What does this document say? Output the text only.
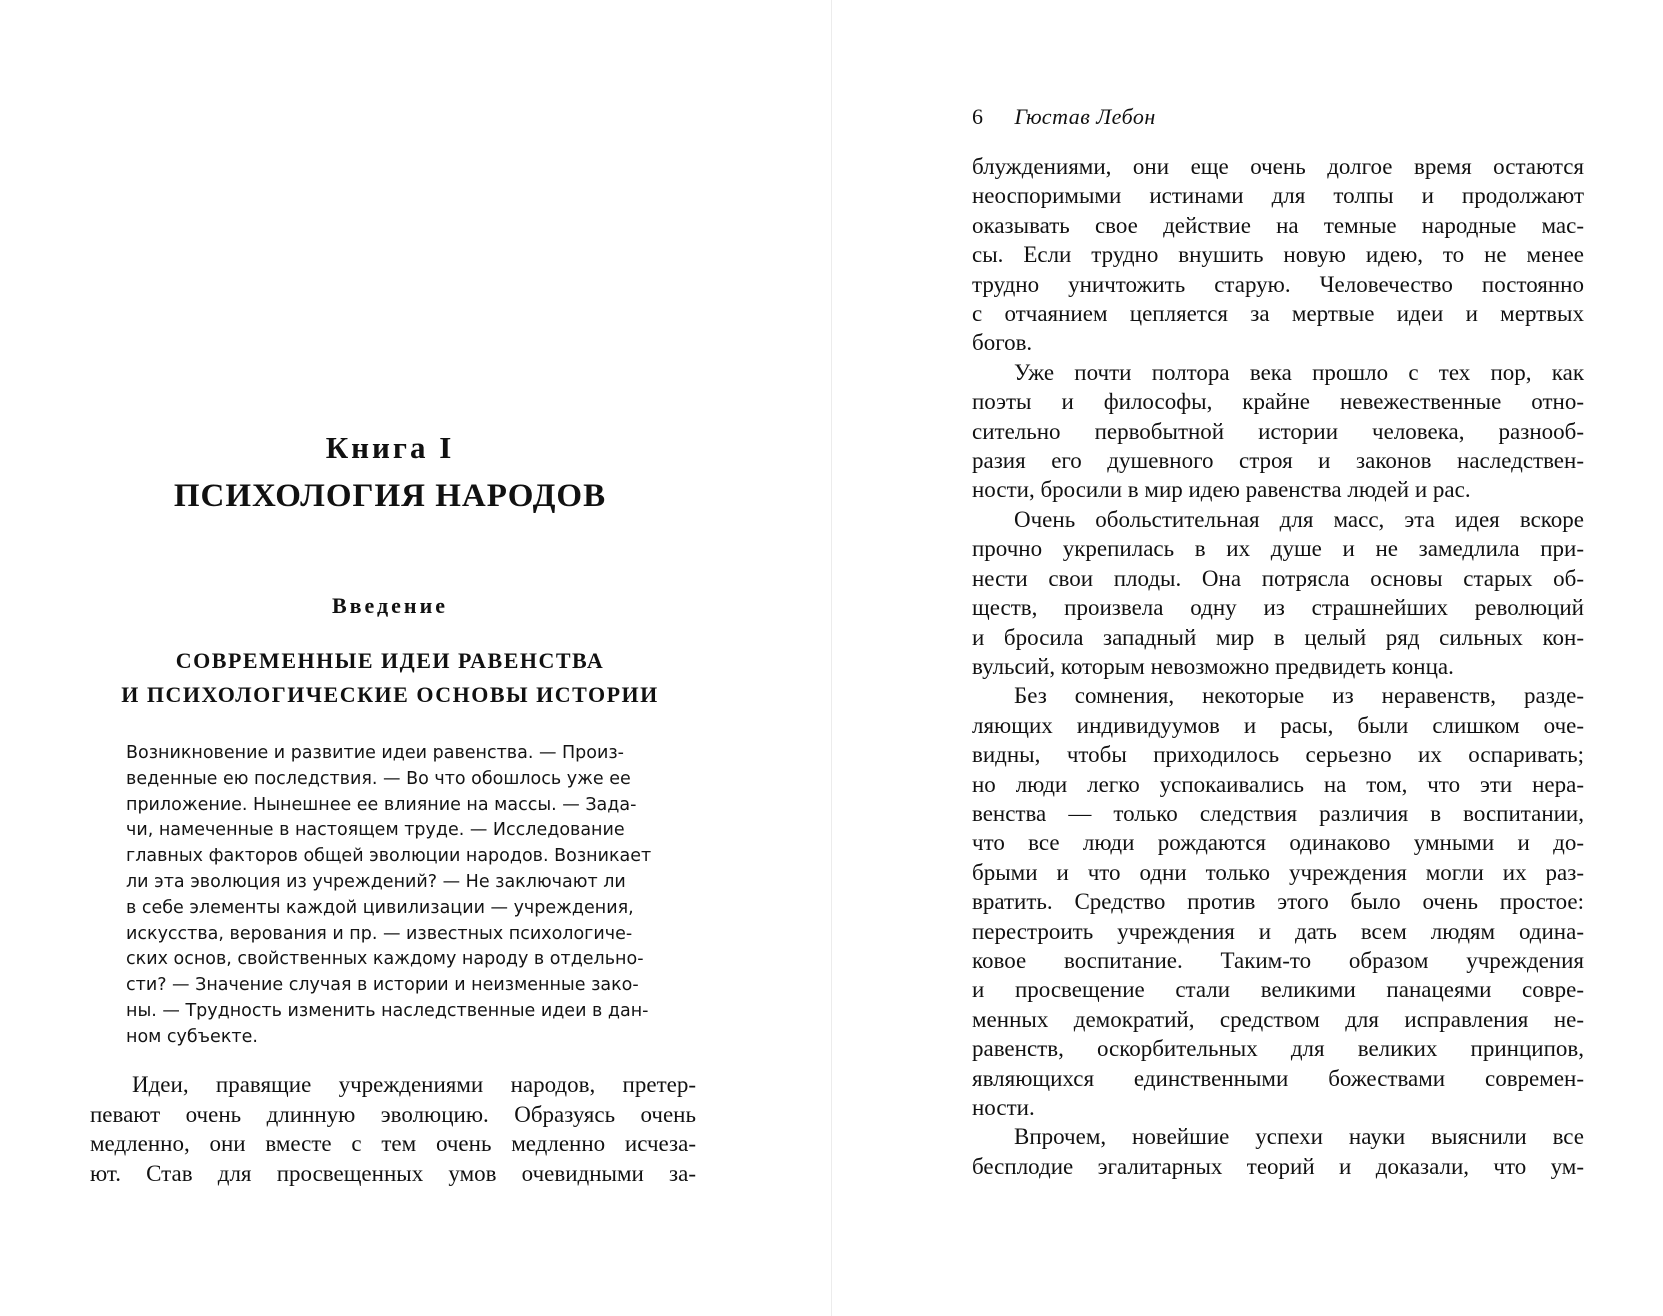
Книга I
ПСИХОЛОГИЯ НАРОДОВ
Введение
СОВРЕМЕННЫЕ ИДЕИ РАВЕНСТВА
И ПСИХОЛОГИЧЕСКИЕ ОСНОВЫ ИСТОРИИ
Возникновение и развитие идеи равенства. — Произ-
веденные ею последствия. — Во что обошлось уже ее
приложение. Нынешнее ее влияние на массы. — Зада-
чи, намеченные в настоящем труде. — Исследование
главных факторов общей эволюции народов. Возникает
ли эта эволюция из учреждений? — Не заключают ли
в себе элементы каждой цивилизации — учреждения,
искусства, верования и пр. — известных психологиче-
ских основ, свойственных каждому народу в отдельно-
сти? — Значение случая в истории и неизменные зако-
ны. — Трудность изменить наследственные идеи в дан-
ном субъекте.
Идеи, правящие учреждениями народов, претер-
певают очень длинную эволюцию. Образуясь очень
медленно, они вместе с тем очень медленно исчеза-
ют. Став для просвещенных умов очевидными за-
6 Гюстав Лебон
блуждениями, они еще очень долгое время остаются
неоспоримыми истинами для толпы и продолжают
оказывать свое действие на темные народные мас-
сы. Если трудно внушить новую идею, то не менее
трудно уничтожить старую. Человечество постоянно
с отчаянием цепляется за мертвые идеи и мертвых
богов.
Уже почти полтора века прошло с тех пор, как
поэты и философы, крайне невежественные отно-
сительно первобытной истории человека, разнооб-
разия его душевного строя и законов наследствен-
ности, бросили в мир идею равенства людей и рас.
Очень обольстительная для масс, эта идея вскоре
прочно укрепилась в их душе и не замедлила при-
нести свои плоды. Она потрясла основы старых об-
ществ, произвела одну из страшнейших революций
и бросила западный мир в целый ряд сильных кон-
вульсий, которым невозможно предвидеть конца.
Без сомнения, некоторые из неравенств, разде-
ляющих индивидуумов и расы, были слишком оче-
видны, чтобы приходилось серьезно их оспаривать;
но люди легко успокаивались на том, что эти нера-
венства — только следствия различия в воспитании,
что все люди рождаются одинаково умными и до-
брыми и что одни только учреждения могли их раз-
вратить. Средство против этого было очень простое:
перестроить учреждения и дать всем людям одина-
ковое воспитание. Таким-то образом учреждения
и просвещение стали великими панацеями совре-
менных демократий, средством для исправления не-
равенств, оскорбительных для великих принципов,
являющихся единственными божествами современ-
ности.
Впрочем, новейшие успехи науки выяснили все
бесплодие эгалитарных теорий и доказали, что ум-
